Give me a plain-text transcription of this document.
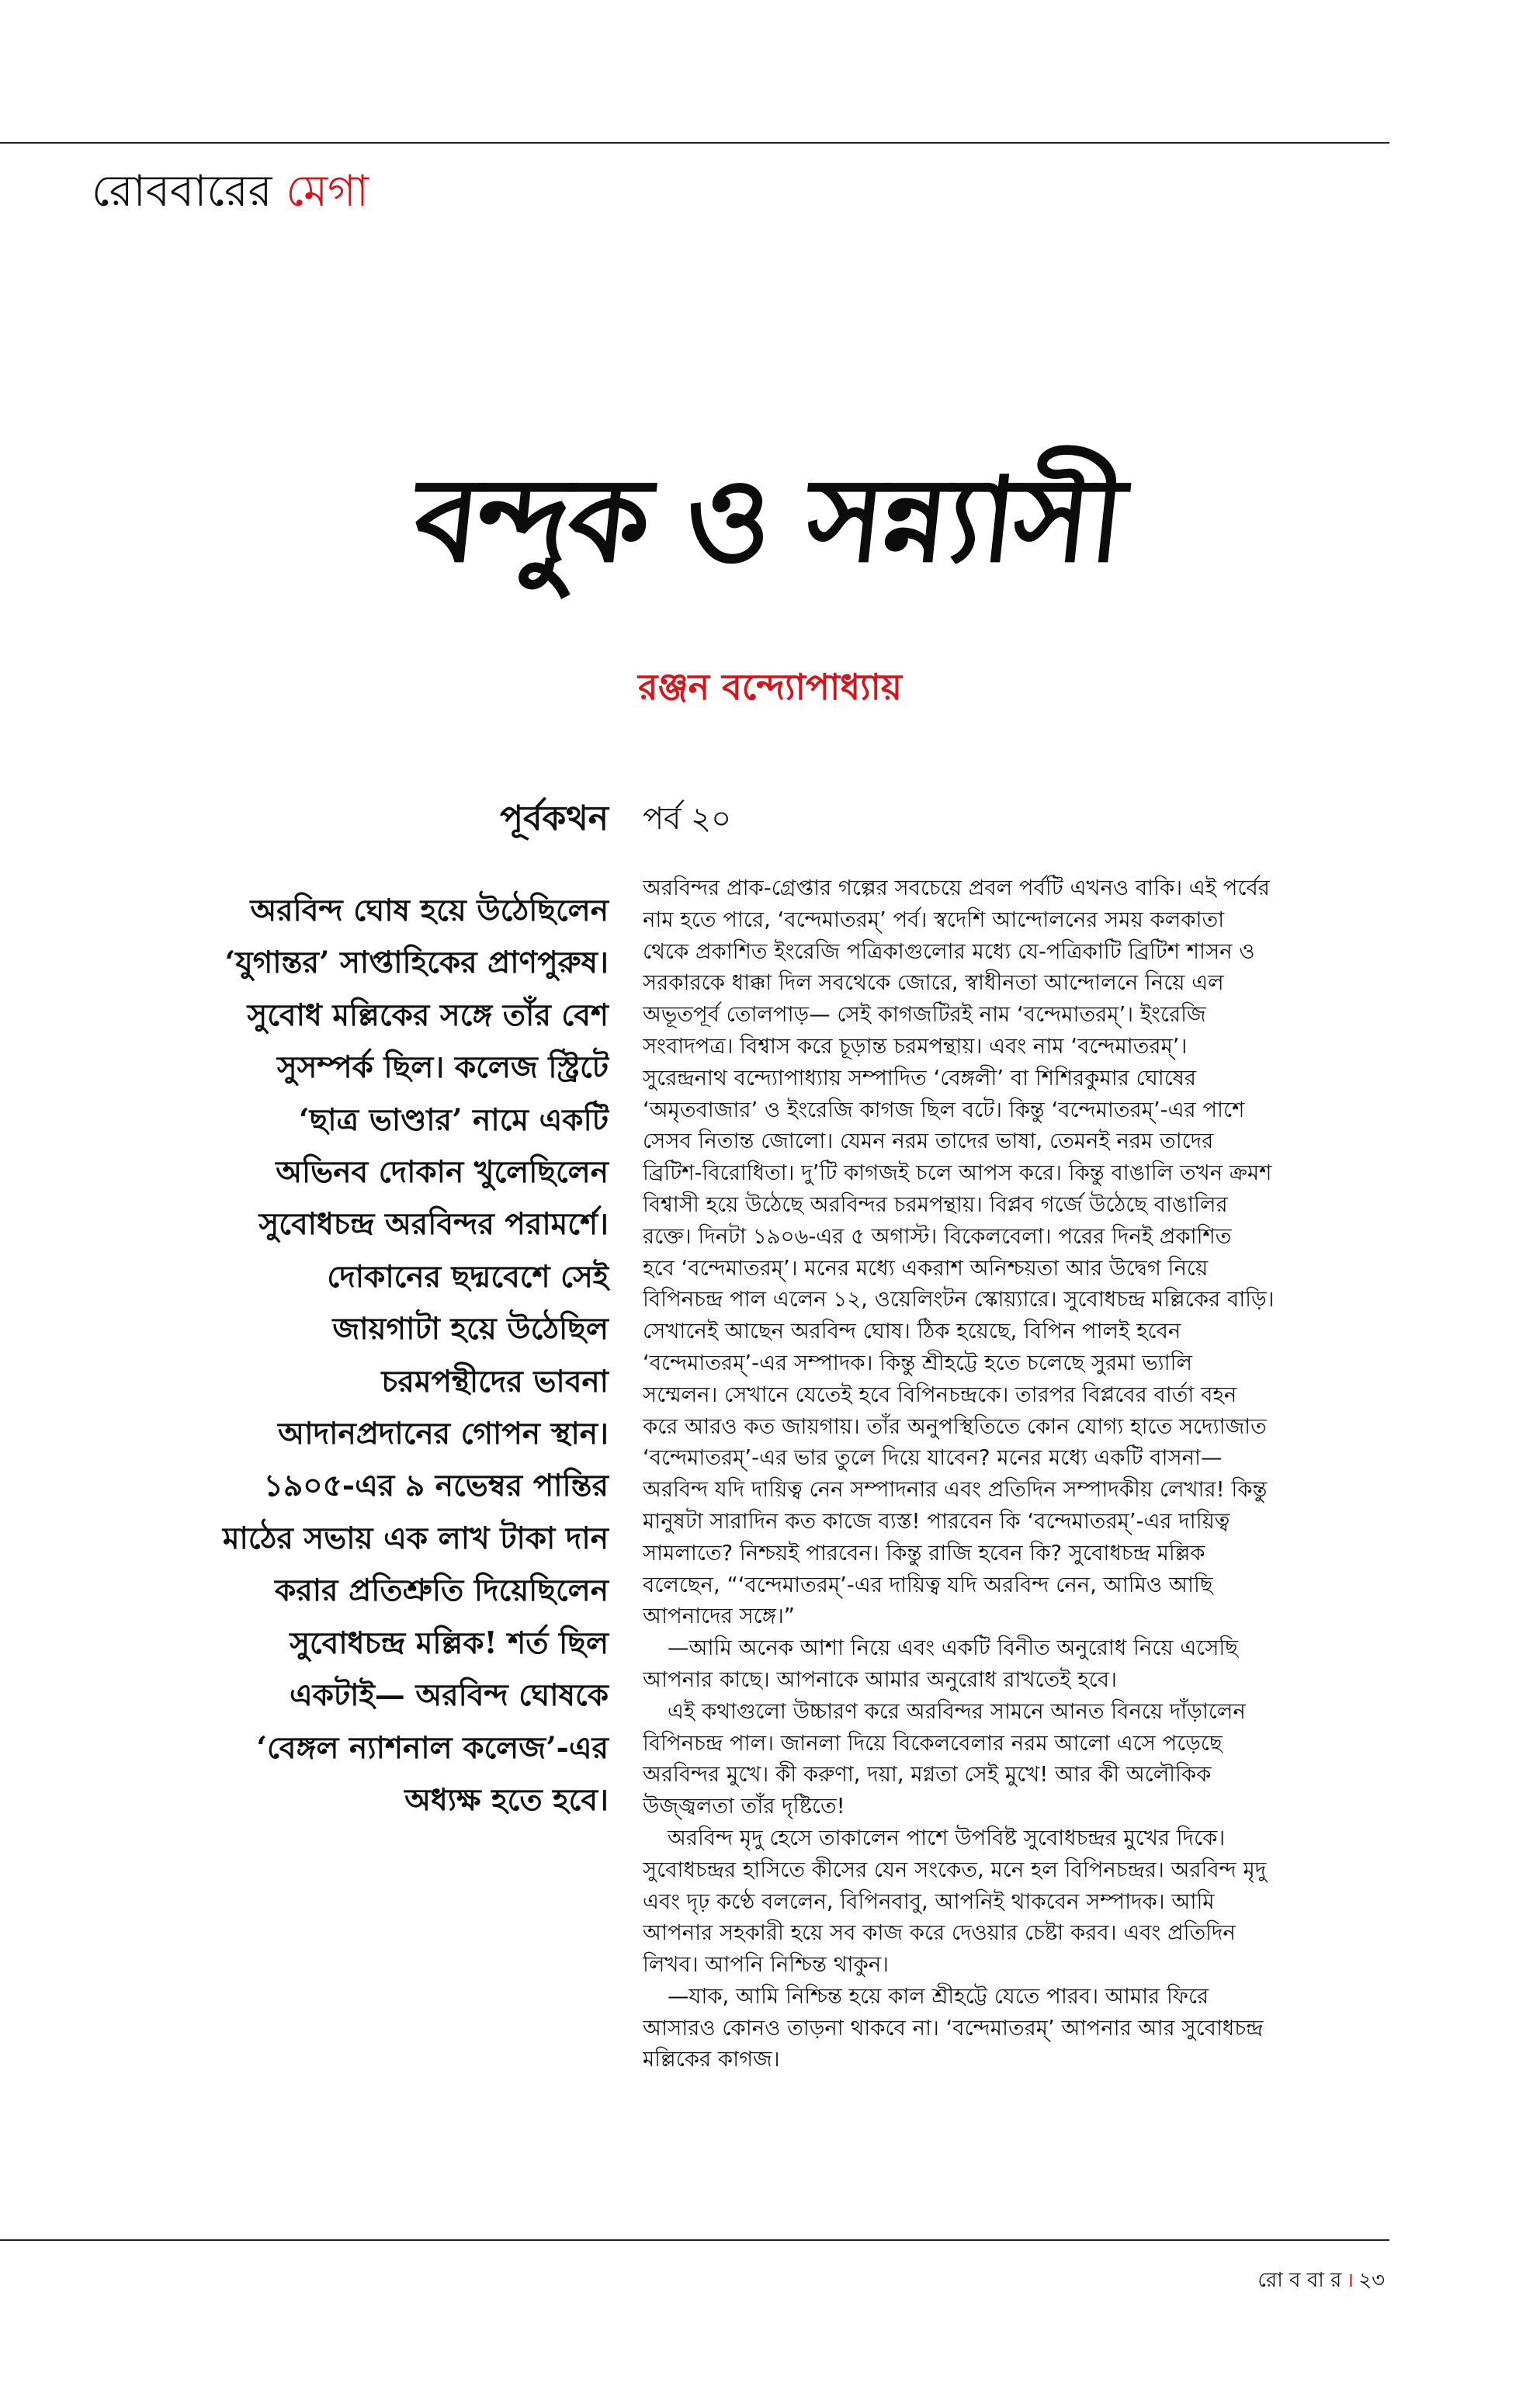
রোববারের মেগা
বন্দুক ও সন্ন্যাসী
রঞ্জন বন্দ্যোপাধ্যায়
পূর্বকথন পর্ব ২০
অরবিন্দ ঘোষ হয়ে উঠেছিলেন
‘যুগান্তর’ সাপ্তাহিকের প্রাণপুরুষ।
সুবোধ মল্লিকের সঙ্গে তাঁর বেশ
সুসম্পর্ক ছিল। কলেজ স্ট্রিটে
‘ছাত্র ভাণ্ডার’ নামে একটি
অভিনব দোকান খুলেছিলেন
সুবোধচন্দ্র অরবিন্দর পরামর্শে।
দোকানের ছদ্মবেশে সেই
জায়গাটা হয়ে উঠেছিল
চরমপন্থীদের ভাবনা
আদানপ্রদানের গোপন স্থান।
১৯০৫-এর ৯ নভেম্বর পান্তির
মাঠের সভায় এক লাখ টাকা দান
করার প্রতিশ্রুতি দিয়েছিলেন
সুবোধচন্দ্র মল্লিক! শর্ত ছিল
একটাই— অরবিন্দ ঘোষকে
‘বেঙ্গল ন্যাশনাল কলেজ’-এর
অধ্যক্ষ হতে হবে।
অরবিন্দর প্রাক-গ্রেপ্তার গল্পের সবচেয়ে প্রবল পর্বটি এখনও বাকি। এই পর্বের
নাম হতে পারে, ‘বন্দেমাতরম্’ পর্ব। স্বদেশি আন্দোলনের সময় কলকাতা
থেকে প্রকাশিত ইংরেজি পত্রিকাগুলোর মধ্যে যে-পত্রিকাটি ব্রিটিশ শাসন ও
সরকারকে ধাক্কা দিল সবথেকে জোরে, স্বাধীনতা আন্দোলনে নিয়ে এল
অভূতপূর্ব তোলপাড়— সেই কাগজটিরই নাম ‘বন্দেমাতরম্’। ইংরেজি
সংবাদপত্র। বিশ্বাস করে চূড়ান্ত চরমপন্থায়। এবং নাম ‘বন্দেমাতরম্’।
সুরেন্দ্রনাথ বন্দ্যোপাধ্যায় সম্পাদিত ‘বেঙ্গলী’ বা শিশিরকুমার ঘোষের
‘অমৃতবাজার’ ও ইংরেজি কাগজ ছিল বটে। কিন্তু ‘বন্দেমাতরম্’-এর পাশে
সেসব নিতান্ত জোলো। যেমন নরম তাদের ভাষা, তেমনই নরম তাদের
ব্রিটিশ-বিরোধিতা। দু’টি কাগজই চলে আপস করে। কিন্তু বাঙালি তখন ক্রমশ
বিশ্বাসী হয়ে উঠেছে অরবিন্দর চরমপন্থায়। বিপ্লব গর্জে উঠেছে বাঙালির
রক্তে। দিনটা ১৯০৬-এর ৫ অগাস্ট। বিকেলবেলা। পরের দিনই প্রকাশিত
হবে ‘বন্দেমাতরম্’। মনের মধ্যে একরাশ অনিশ্চয়তা আর উদ্বেগ নিয়ে
বিপিনচন্দ্র পাল এলেন ১২, ওয়েলিংটন স্কোয়্যারে। সুবোধচন্দ্র মল্লিকের বাড়ি।
সেখানেই আছেন অরবিন্দ ঘোষ। ঠিক হয়েছে, বিপিন পালই হবেন
‘বন্দেমাতরম্’-এর সম্পাদক। কিন্তু শ্রীহট্টে হতে চলেছে সুরমা ভ্যালি
সম্মেলন। সেখানে যেতেই হবে বিপিনচন্দ্রকে। তারপর বিপ্লবের বার্তা বহন
করে আরও কত জায়গায়। তাঁর অনুপস্থিতিতে কোন যোগ্য হাতে সদ্যোজাত
‘বন্দেমাতরম্’-এর ভার তুলে দিয়ে যাবেন? মনের মধ্যে একটি বাসনা—
অরবিন্দ যদি দায়িত্ব নেন সম্পাদনার এবং প্রতিদিন সম্পাদকীয় লেখার! কিন্তু
মানুষটা সারাদিন কত কাজে ব্যস্ত! পারবেন কি ‘বন্দেমাতরম্’-এর দায়িত্ব
সামলাতে? নিশ্চয়ই পারবেন। কিন্তু রাজি হবেন কি? সুবোধচন্দ্র মল্লিক
বলেছেন, “‘বন্দেমাতরম্’-এর দায়িত্ব যদি অরবিন্দ নেন, আমিও আছি
আপনাদের সঙ্গে।”
—আমি অনেক আশা নিয়ে এবং একটি বিনীত অনুরোধ নিয়ে এসেছি
আপনার কাছে। আপনাকে আমার অনুরোধ রাখতেই হবে।
এই কথাগুলো উচ্চারণ করে অরবিন্দর সামনে আনত বিনয়ে দাঁড়ালেন
বিপিনচন্দ্র পাল। জানলা দিয়ে বিকেলবেলার নরম আলো এসে পড়েছে
অরবিন্দর মুখে। কী করুণা, দয়া, মগ্নতা সেই মুখে! আর কী অলৌকিক
উজ্জ্বলতা তাঁর দৃষ্টিতে!
অরবিন্দ মৃদু হেসে তাকালেন পাশে উপবিষ্ট সুবোধচন্দ্রর মুখের দিকে।
সুবোধচন্দ্রর হাসিতে কীসের যেন সংকেত, মনে হল বিপিনচন্দ্রর। অরবিন্দ মৃদু
এবং দৃঢ় কণ্ঠে বললেন, বিপিনবাবু, আপনিই থাকবেন সম্পাদক। আমি
আপনার সহকারী হয়ে সব কাজ করে দেওয়ার চেষ্টা করব। এবং প্রতিদিন
লিখব। আপনি নিশ্চিন্ত থাকুন।
—যাক, আমি নিশ্চিন্ত হয়ে কাল শ্রীহট্টে যেতে পারব। আমার ফিরে
আসারও কোনও তাড়না থাকবে না। ‘বন্দেমাতরম্’ আপনার আর সুবোধচন্দ্র
মল্লিকের কাগজ।
রো ব বা র । ২৩
